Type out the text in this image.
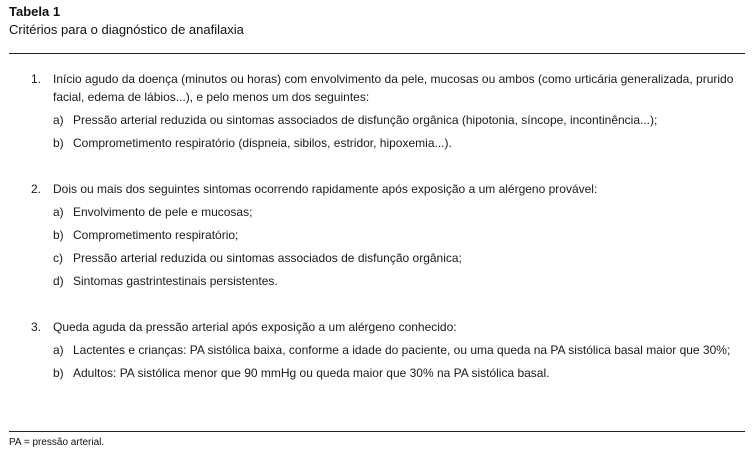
Tabela 1
Critérios para o diagnóstico de anafilaxia
1. Início agudo da doença (minutos ou horas) com envolvimento da pele, mucosas ou ambos (como urticária generalizada, prurido facial, edema de lábios...), e pelo menos um dos seguintes:
a) Pressão arterial reduzida ou sintomas associados de disfunção orgânica (hipotonia, síncope, incontinência...);
b) Comprometimento respiratório (dispneia, sibilos, estridor, hipoxemia...).
2. Dois ou mais dos seguintes sintomas ocorrendo rapidamente após exposição a um alérgeno provável:
a) Envolvimento de pele e mucosas;
b) Comprometimento respiratório;
c) Pressão arterial reduzida ou sintomas associados de disfunção orgânica;
d) Sintomas gastrintestinais persistentes.
3. Queda aguda da pressão arterial após exposição a um alérgeno conhecido:
a) Lactentes e crianças: PA sistólica baixa, conforme a idade do paciente, ou uma queda na PA sistólica basal maior que 30%;
b) Adultos: PA sistólica menor que 90 mmHg ou queda maior que 30% na PA sistólica basal.
PA = pressão arterial.
